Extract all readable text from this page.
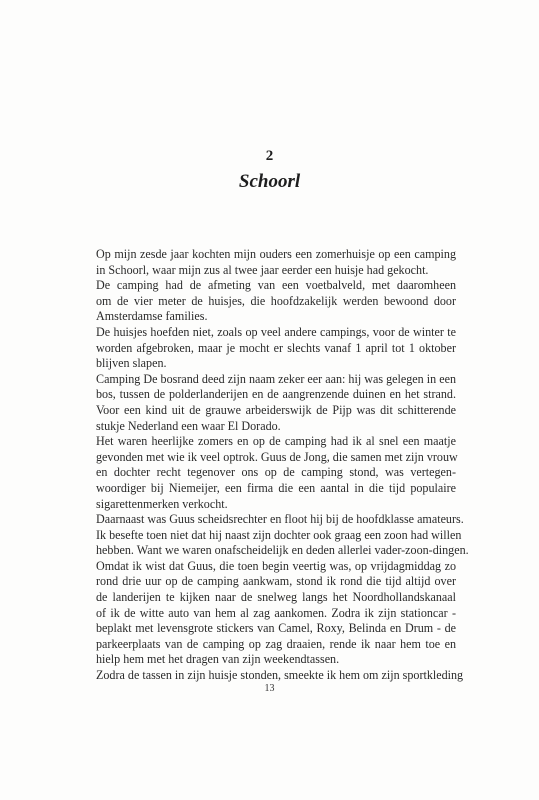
2
Schoorl
Op mijn zesde jaar kochten mijn ouders een zomerhuisje op een camping
in Schoorl, waar mijn zus al twee jaar eerder een huisje had gekocht.
De camping had de afmeting van een voetbalveld, met daaromheen
om de vier meter de huisjes, die hoofdzakelijk werden bewoond door
Amsterdamse families.
De huisjes hoefden niet, zoals op veel andere campings, voor de winter te
worden afgebroken, maar je mocht er slechts vanaf 1 april tot 1 oktober
blijven slapen.
Camping De bosrand deed zijn naam zeker eer aan: hij was gelegen in een
bos, tussen de polderlanderijen en de aangrenzende duinen en het strand.
Voor een kind uit de grauwe arbeiderswijk de Pijp was dit schitterende
stukje Nederland een waar El Dorado.
Het waren heerlijke zomers en op de camping had ik al snel een maatje
gevonden met wie ik veel optrok. Guus de Jong, die samen met zijn vrouw
en dochter recht tegenover ons op de camping stond, was vertegen-
woordiger bij Niemeijer, een firma die een aantal in die tijd populaire
sigarettenmerken verkocht.
Daarnaast was Guus scheidsrechter en floot hij bij de hoofdklasse amateurs.
Ik besefte toen niet dat hij naast zijn dochter ook graag een zoon had willen
hebben. Want we waren onafscheidelijk en deden allerlei vader-zoon-dingen.
Omdat ik wist dat Guus, die toen begin veertig was, op vrijdagmiddag zo
rond drie uur op de camping aankwam, stond ik rond die tijd altijd over
de landerijen te kijken naar de snelweg langs het Noordhollandskanaal
of ik de witte auto van hem al zag aankomen. Zodra ik zijn stationcar -
beplakt met levensgrote stickers van Camel, Roxy, Belinda en Drum - de
parkeerplaats van de camping op zag draaien, rende ik naar hem toe en
hielp hem met het dragen van zijn weekendtassen.
Zodra de tassen in zijn huisje stonden, smeekte ik hem om zijn sportkleding
13
